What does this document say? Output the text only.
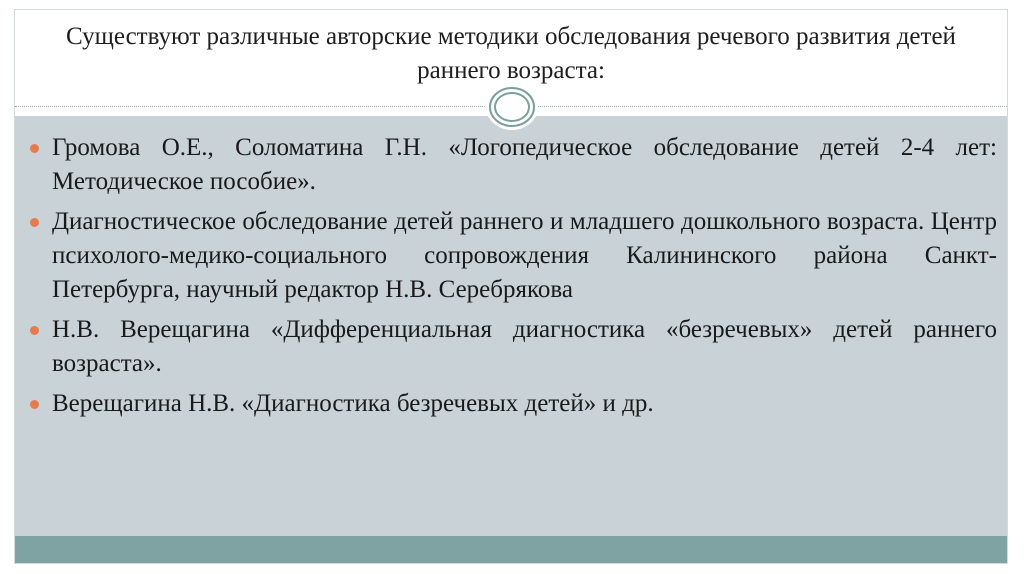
Существуют различные авторские методики обследования речевого развития детей раннего возраста:
Громова О.Е., Соломатина Г.Н. «Логопедическое обследование детей 2-4 лет: Методическое пособие».
Диагностическое обследование детей раннего и младшего дошкольного возраста. Центр психолого-медико-социального сопровождения Калининского района Санкт-Петербурга, научный редактор Н.В. Серебрякова
Н.В. Верещагина «Дифференциальная диагностика «безречевых» детей раннего возраста».
Верещагина Н.В. «Диагностика безречевых детей» и др.
